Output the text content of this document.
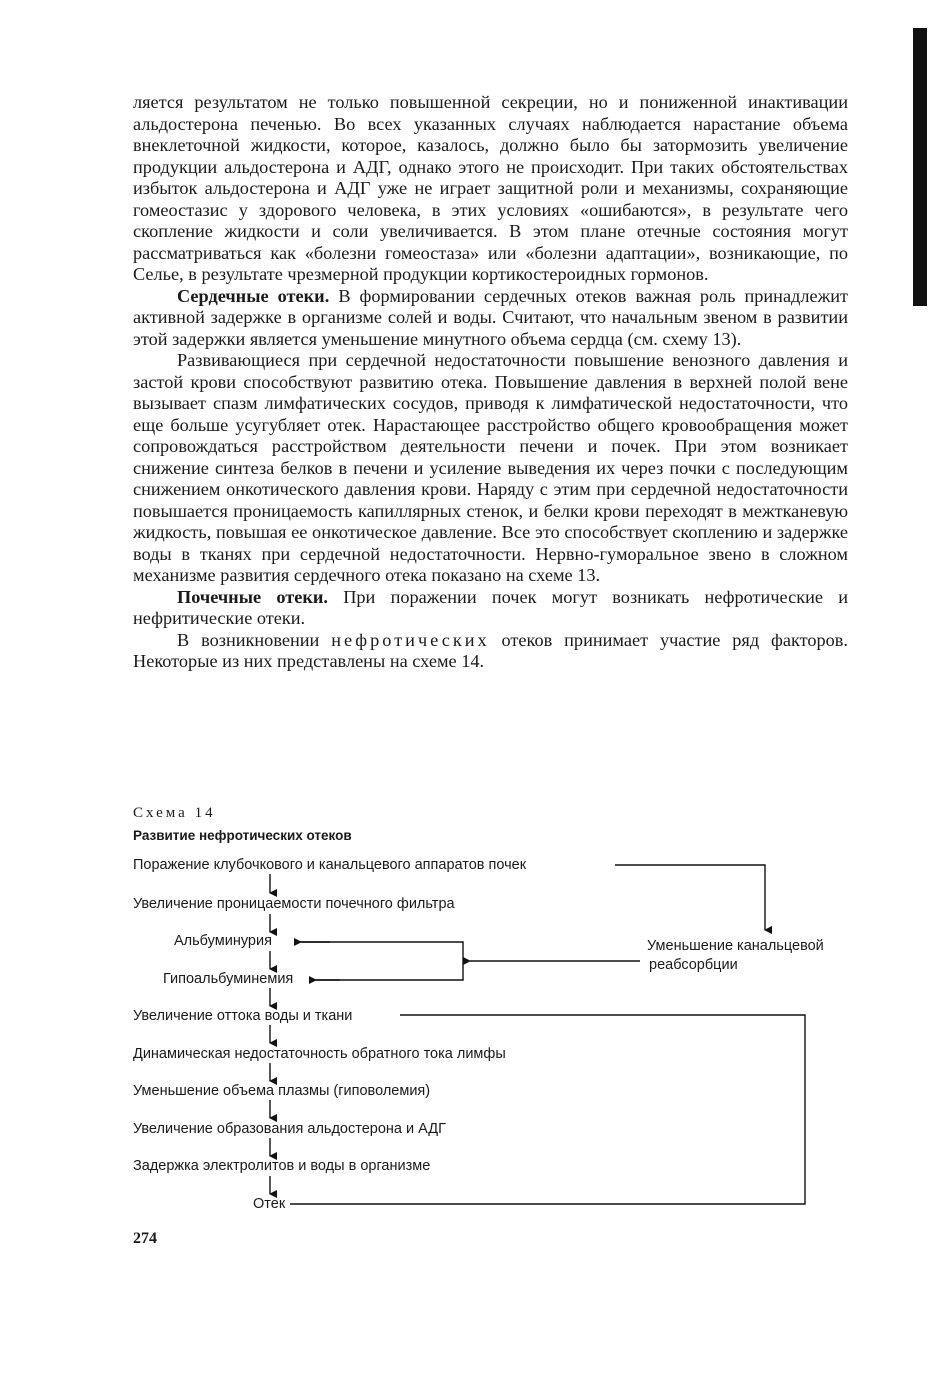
ляется результатом не только повышенной секреции, но и пониженной инактивации альдостерона печенью. Во всех указанных случаях наблюдается нарастание объема внеклеточной жидкости, которое, казалось, должно было бы затормозить увеличение продукции альдостерона и АДГ, однако этого не происходит. При таких обстоятельствах избыток альдостерона и АДГ уже не играет защитной роли и механизмы, сохраняющие гомеостазис у здорового человека, в этих условиях «ошибаются», в результате чего скопление жидкости и соли увеличивается. В этом плане отечные состояния могут рассматриваться как «болезни гомеостаза» или «болезни адаптации», возникающие, по Селье, в результате чрезмерной продукции кортикостероидных гормонов.

Сердечные отеки. В формировании сердечных отеков важная роль принадлежит активной задержке в организме солей и воды. Считают, что начальным звеном в развитии этой задержки является уменьшение минутного объема сердца (см. схему 13).

Развивающиеся при сердечной недостаточности повышение венозного давления и застой крови способствуют развитию отека. Повышение давления в верхней полой вене вызывает спазм лимфатических сосудов, приводя к лимфатической недостаточности, что еще больше усугубляет отек. Нарастающее расстройство общего кровообращения может сопровождаться расстройством деятельности печени и почек. При этом возникает снижение синтеза белков в печени и усиление выведения их через почки с последующим снижением онкотического давления крови. Наряду с этим при сердечной недостаточности повышается проницаемость капиллярных стенок, и белки крови переходят в межтканевую жидкость, повышая ее онкотическое давление. Все это способствует скоплению и задержке воды в тканях при сердечной недостаточности. Нервно-гуморальное звено в сложном механизме развития сердечного отека показано на схеме 13.

Почечные отеки. При поражении почек могут возникать нефротические и нефритические отеки.

В возникновении нефротических отеков принимает участие ряд факторов. Некоторые из них представлены на схеме 14.

Схема 14
Развитие нефротических отеков
Поражение клубочкового и канальцевого аппаратов почек
Увеличение проницаемости почечного фильтра
Альбуминурия
Гипоальбуминемия
Уменьшение канальцевой
реабсорбции
Увеличение оттока воды и ткани
Динамическая недостаточность обратного тока лимфы
Уменьшение объема плазмы (гиповолемия)
Увеличение образования альдостерона и АДГ
Задержка электролитов и воды в организме
Отек
274
